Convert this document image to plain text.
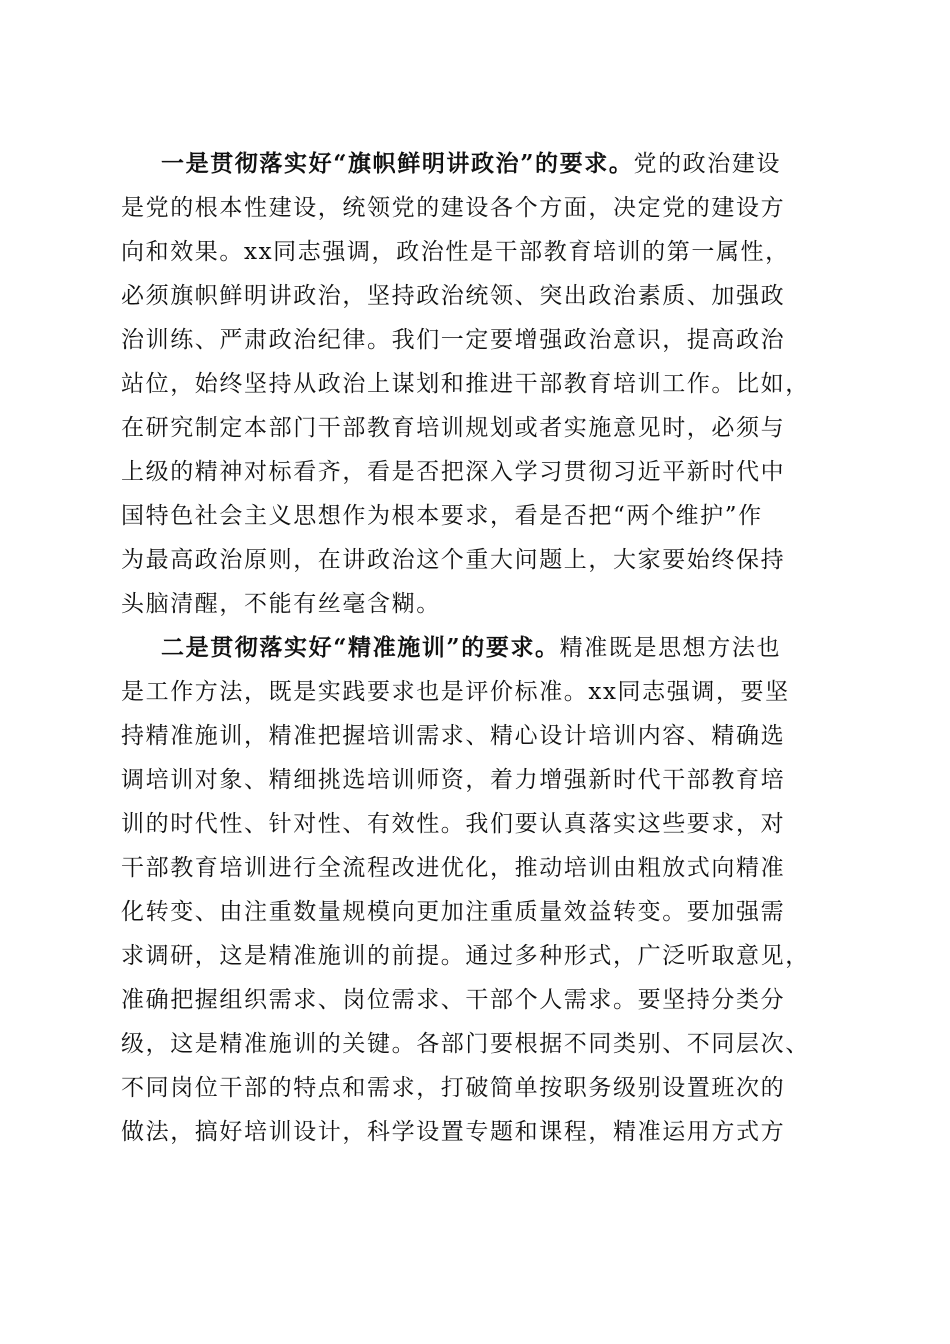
一是贯彻落实好“旗帜鲜明讲政治”的要求。党的政治建设
是党的根本性建设，统领党的建设各个方面，决定党的建设方
向和效果。xx同志强调，政治性是干部教育培训的第一属性，
必须旗帜鲜明讲政治，坚持政治统领、突出政治素质、加强政
治训练、严肃政治纪律。我们一定要增强政治意识，提高政治
站位，始终坚持从政治上谋划和推进干部教育培训工作。比如，
在研究制定本部门干部教育培训规划或者实施意见时，必须与
上级的精神对标看齐，看是否把深入学习贯彻习近平新时代中
国特色社会主义思想作为根本要求，看是否把“两个维护”作
为最高政治原则，在讲政治这个重大问题上，大家要始终保持
头脑清醒，不能有丝毫含糊。
二是贯彻落实好“精准施训”的要求。精准既是思想方法也
是工作方法，既是实践要求也是评价标准。xx同志强调，要坚
持精准施训，精准把握培训需求、精心设计培训内容、精确选
调培训对象、精细挑选培训师资，着力增强新时代干部教育培
训的时代性、针对性、有效性。我们要认真落实这些要求，对
干部教育培训进行全流程改进优化，推动培训由粗放式向精准
化转变、由注重数量规模向更加注重质量效益转变。要加强需
求调研，这是精准施训的前提。通过多种形式，广泛听取意见，
准确把握组织需求、岗位需求、干部个人需求。要坚持分类分
级，这是精准施训的关键。各部门要根据不同类别、不同层次、
不同岗位干部的特点和需求，打破简单按职务级别设置班次的
做法，搞好培训设计，科学设置专题和课程，精准运用方式方
